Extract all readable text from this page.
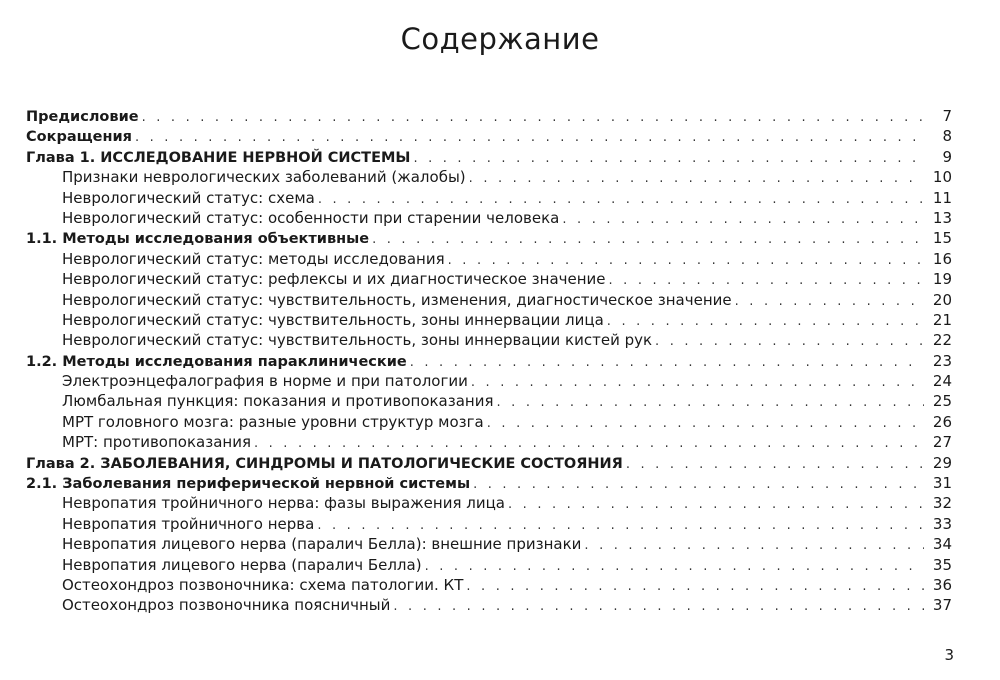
Содержание
Предисловие . . .	7
Сокращения . . .	8
Глава 1. ИССЛЕДОВАНИЕ НЕРВНОЙ СИСТЕМЫ . . .	9
Признаки неврологических заболеваний (жалобы) . . .	10
Неврологический статус: схема . . .	11
Неврологический статус: особенности при старении человека . . .	13
1.1. Методы исследования объективные . . .	15
Неврологический статус: методы исследования . . .	16
Неврологический статус: рефлексы и их диагностическое значение . . .	19
Неврологический статус: чувствительность, изменения, диагностическое значение . . .	20
Неврологический статус: чувствительность, зоны иннервации лица . . .	21
Неврологический статус: чувствительность, зоны иннервации кистей рук . . .	22
1.2. Методы исследования параклинические . . .	23
Электроэнцефалография в норме и при патологии . . .	24
Люмбальная пункция: показания и противопоказания . . .	25
МРТ головного мозга: разные уровни структур мозга . . .	26
МРТ: противопоказания . . .	27
Глава 2. ЗАБОЛЕВАНИЯ, СИНДРОМЫ И ПАТОЛОГИЧЕСКИЕ СОСТОЯНИЯ . . .	29
2.1. Заболевания периферической нервной системы . . .	31
Невропатия тройничного нерва: фазы выражения лица . . .	32
Невропатия тройничного нерва . . .	33
Невропатия лицевого нерва (паралич Белла): внешние признаки . . .	34
Невропатия лицевого нерва (паралич Белла) . . .	35
Остеохондроз позвоночника: схема патологии. КТ . . .	36
Остеохондроз позвоночника поясничный . . .	37
3
